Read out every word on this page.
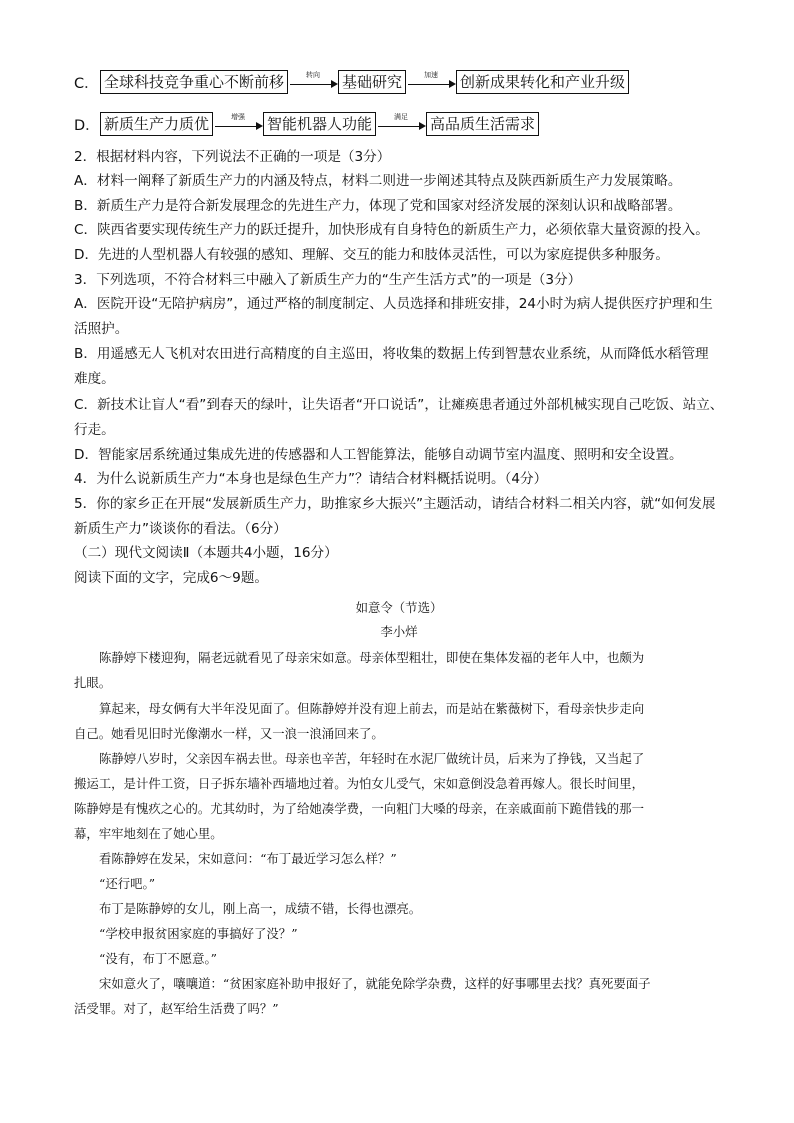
C． 全球科技竞争重心不断前移	转向	基础研究	加速	创新成果转化和产业升级
D． 新质生产力质优	增强	智能机器人功能	满足	高品质生活需求
2．根据材料内容，下列说法不正确的一项是（3分）
A．材料一阐释了新质生产力的内涵及特点，材料二则进一步阐述其特点及陕西新质生产力发展策略。
B．新质生产力是符合新发展理念的先进生产力，体现了党和国家对经济发展的深刻认识和战略部署。
C．陕西省要实现传统生产力的跃迁提升，加快形成有自身特色的新质生产力，必须依靠大量资源的投入。
D．先进的人型机器人有较强的感知、理解、交互的能力和肢体灵活性，可以为家庭提供多种服务。
3．下列选项，不符合材料三中融入了新质生产力的“生产生活方式”的一项是（3分）
A．医院开设“无陪护病房”，通过严格的制度制定、人员选择和排班安排，24小时为病人提供医疗护理和生
活照护。
B．用遥感无人飞机对农田进行高精度的自主巡田，将收集的数据上传到智慧农业系统，从而降低水稻管理
难度。
C．新技术让盲人“看”到春天的绿叶，让失语者“开口说话”，让瘫痪患者通过外部机械实现自己吃饭、站立、
行走。
D．智能家居系统通过集成先进的传感器和人工智能算法，能够自动调节室内温度、照明和安全设置。
4．为什么说新质生产力“本身也是绿色生产力”？请结合材料概括说明。（4分）
5．你的家乡正在开展“发展新质生产力，助推家乡大振兴”主题活动，请结合材料二相关内容，就“如何发展
新质生产力”谈谈你的看法。（6分）
（二）现代文阅读Ⅱ（本题共4小题，16分）
阅读下面的文字，完成6～9题。
如意令（节选）
李小烊
陈静婷下楼迎狗，隔老远就看见了母亲宋如意。母亲体型粗壮，即使在集体发福的老年人中，也颇为
扎眼。
算起来，母女俩有大半年没见面了。但陈静婷并没有迎上前去，而是站在紫薇树下，看母亲快步走向
自己。她看见旧时光像潮水一样，又一浪一浪涌回来了。
陈静婷八岁时，父亲因车祸去世。母亲也辛苦，年轻时在水泥厂做统计员，后来为了挣钱，又当起了
搬运工，是计件工资，日子拆东墙补西墙地过着。为怕女儿受气，宋如意倒没急着再嫁人。很长时间里，
陈静婷是有愧疚之心的。尤其幼时，为了给她凑学费，一向粗门大嗓的母亲，在亲戚面前下跪借钱的那一
幕，牢牢地刻在了她心里。
看陈静婷在发呆，宋如意问：“布丁最近学习怎么样？”
“还行吧。”
布丁是陈静婷的女儿，刚上高一，成绩不错，长得也漂亮。
“学校申报贫困家庭的事搞好了没？”
“没有，布丁不愿意。”
宋如意火了，嚷嚷道：“贫困家庭补助申报好了，就能免除学杂费，这样的好事哪里去找？真死要面子
活受罪。对了，赵军给生活费了吗？”
